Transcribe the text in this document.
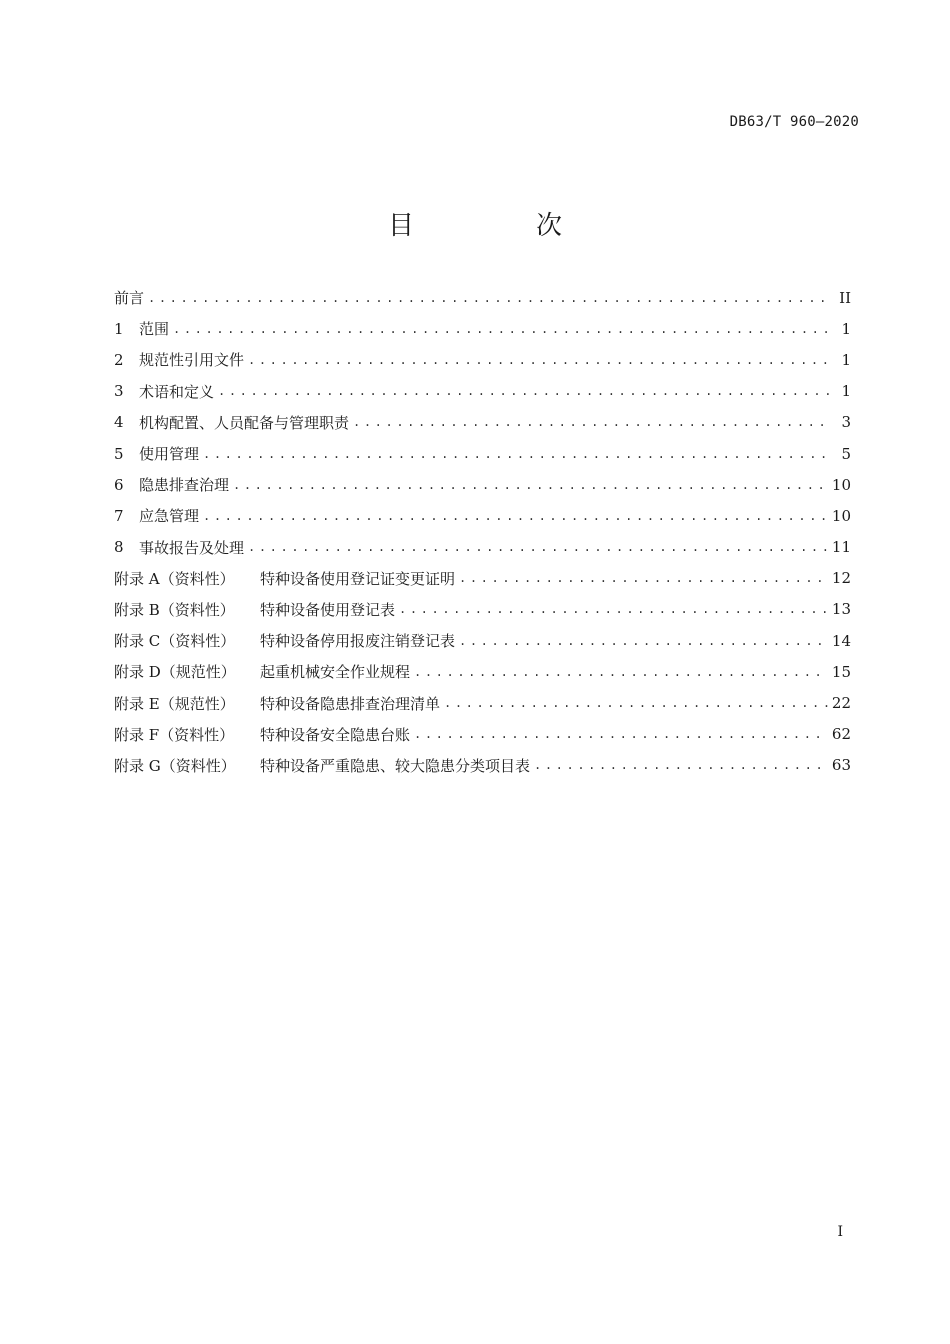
DB63/T 960—2020
目　次
前言 .....	II
1	范围 .....	1
2	规范性引用文件 .....	1
3	术语和定义 .....	1
4	机构配置、人员配备与管理职责 .....	3
5	使用管理 .....	5
6	隐患排查治理 .....	10
7	应急管理 .....	10
8	事故报告及处理 .....	11
附录 A（资料性）	特种设备使用登记证变更证明 .....	12
附录 B（资料性）	特种设备使用登记表 .....	13
附录 C（资料性）	特种设备停用报废注销登记表 .....	14
附录 D（规范性）	起重机械安全作业规程 .....	15
附录 E（规范性）	特种设备隐患排查治理清单 .....	22
附录 F（资料性）	特种设备安全隐患台账 .....	62
附录 G（资料性）	特种设备严重隐患、较大隐患分类项目表 .....	63
I
